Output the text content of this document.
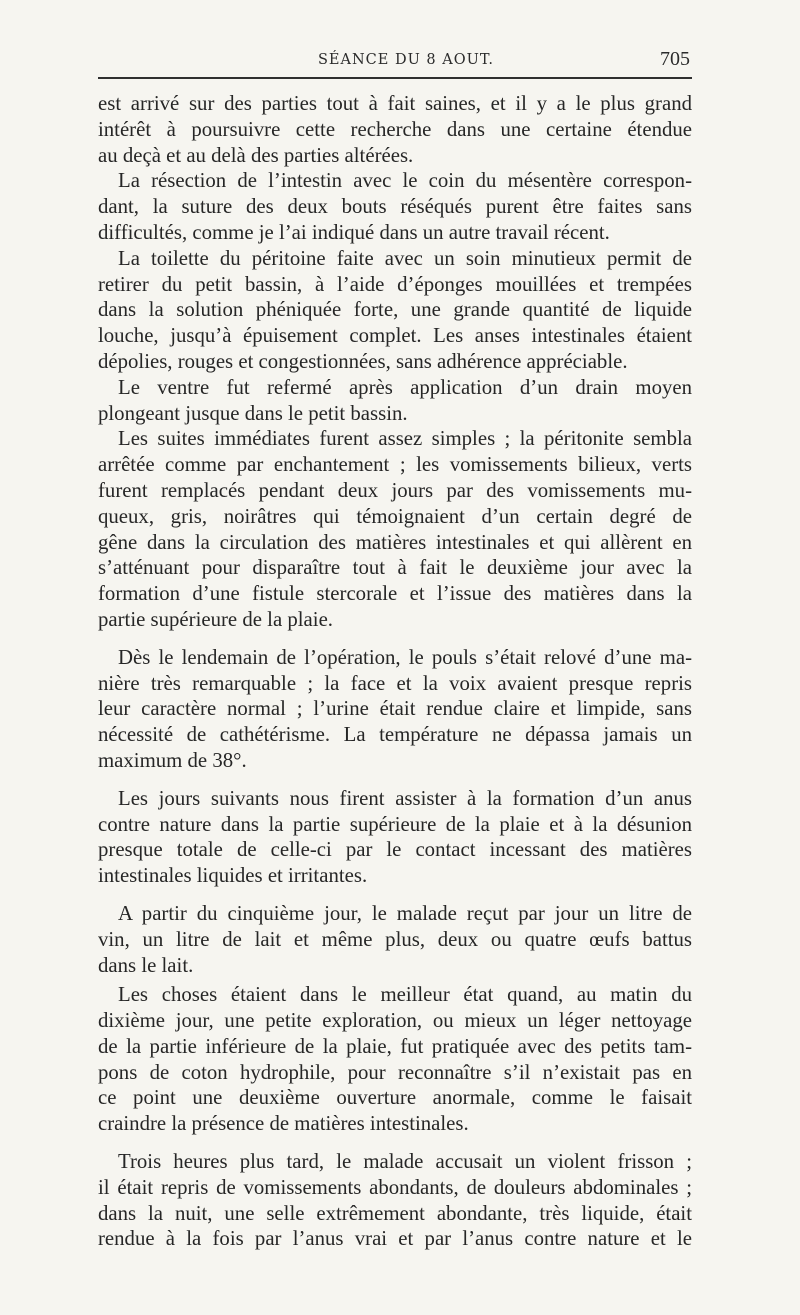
SÉANCE DU 8 AOUT.	705
est arrivé sur des parties tout à fait saines, et il y a le plus grand
intérêt à poursuivre cette recherche dans une certaine étendue
au deçà et au delà des parties altérées.
La résection de l’intestin avec le coin du mésentère correspon-
dant, la suture des deux bouts réséqués purent être faites sans
difficultés, comme je l’ai indiqué dans un autre travail récent.
La toilette du péritoine faite avec un soin minutieux permit de
retirer du petit bassin, à l’aide d’éponges mouillées et trempées
dans la solution phéniquée forte, une grande quantité de liquide
louche, jusqu’à épuisement complet. Les anses intestinales étaient
dépolies, rouges et congestionnées, sans adhérence appréciable.
Le ventre fut refermé après application d’un drain moyen
plongeant jusque dans le petit bassin.
Les suites immédiates furent assez simples ; la péritonite sembla
arrêtée comme par enchantement ; les vomissements bilieux, verts
furent remplacés pendant deux jours par des vomissements mu-
queux, gris, noirâtres qui témoignaient d’un certain degré de
gêne dans la circulation des matières intestinales et qui allèrent en
s’atténuant pour disparaître tout à fait le deuxième jour avec la
formation d’une fistule stercorale et l’issue des matières dans la
partie supérieure de la plaie.
Dès le lendemain de l’opération, le pouls s’était relové d’une ma-
nière très remarquable ; la face et la voix avaient presque repris
leur caractère normal ; l’urine était rendue claire et limpide, sans
nécessité de cathétérisme. La température ne dépassa jamais un
maximum de 38°.
Les jours suivants nous firent assister à la formation d’un anus
contre nature dans la partie supérieure de la plaie et à la désunion
presque totale de celle-ci par le contact incessant des matières
intestinales liquides et irritantes.
A partir du cinquième jour, le malade reçut par jour un litre de
vin, un litre de lait et même plus, deux ou quatre œufs battus
dans le lait.
Les choses étaient dans le meilleur état quand, au matin du
dixième jour, une petite exploration, ou mieux un léger nettoyage
de la partie inférieure de la plaie, fut pratiquée avec des petits tam-
pons de coton hydrophile, pour reconnaître s’il n’existait pas en
ce point une deuxième ouverture anormale, comme le faisait
craindre la présence de matières intestinales.
Trois heures plus tard, le malade accusait un violent frisson ;
il était repris de vomissements abondants, de douleurs abdominales ;
dans la nuit, une selle extrêmement abondante, très liquide, était
rendue à la fois par l’anus vrai et par l’anus contre nature et le
